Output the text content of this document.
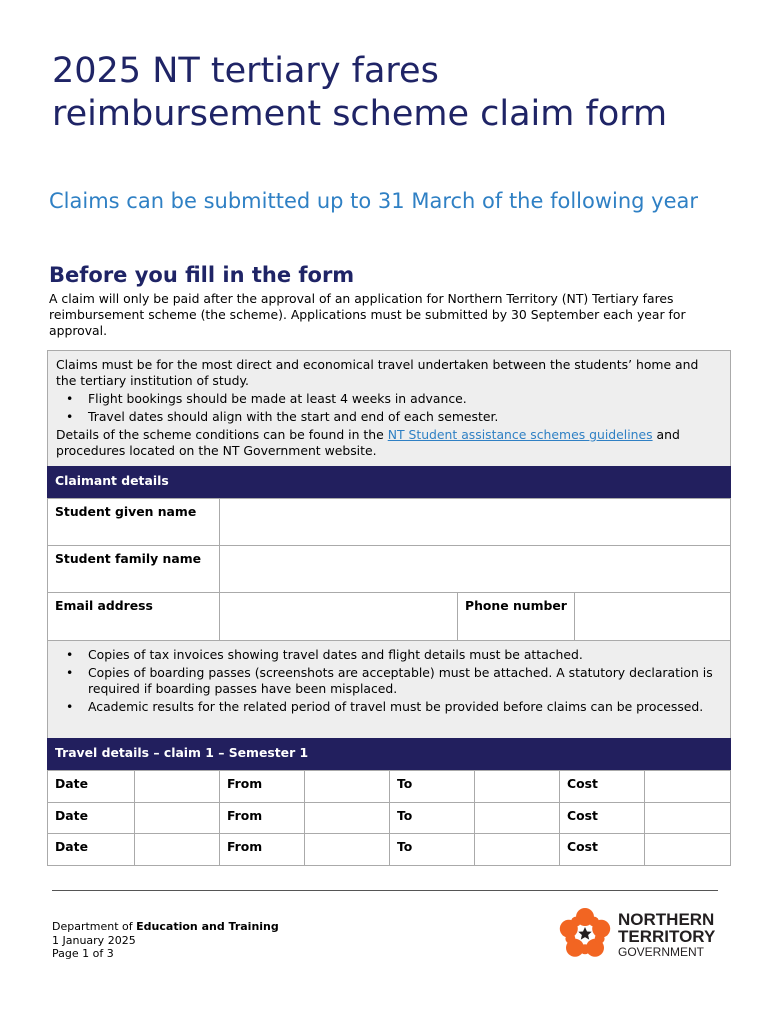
2025 NT tertiary fares reimbursement scheme claim form

Claims can be submitted up to 31 March of the following year

Before you fill in the form

A claim will only be paid after the approval of an application for Northern Territory (NT) Tertiary fares reimbursement scheme (the scheme). Applications must be submitted by 30 September each year for approval.

Claims must be for the most direct and economical travel undertaken between the students’ home and the tertiary institution of study.

• Flight bookings should be made at least 4 weeks in advance.

• Travel dates should align with the start and end of each semester.

Details of the scheme conditions can be found in the NT Student assistance schemes guidelines and procedures located on the NT Government website.

Claimant details
Student given name
Student family name
Email address	Phone number

• Copies of tax invoices showing travel dates and flight details must be attached.

• Copies of boarding passes (screenshots are acceptable) must be attached. A statutory declaration is required if boarding passes have been misplaced.

• Academic results for the related period of travel must be provided before claims can be processed.

Travel details – claim 1 – Semester 1
Date	From	To	Cost
Date	From	To	Cost
Date	From	To	Cost

Department of Education and Training

1 January 2025

Page 1 of 3

NORTHERN
TERRITORY
GOVERNMENT
